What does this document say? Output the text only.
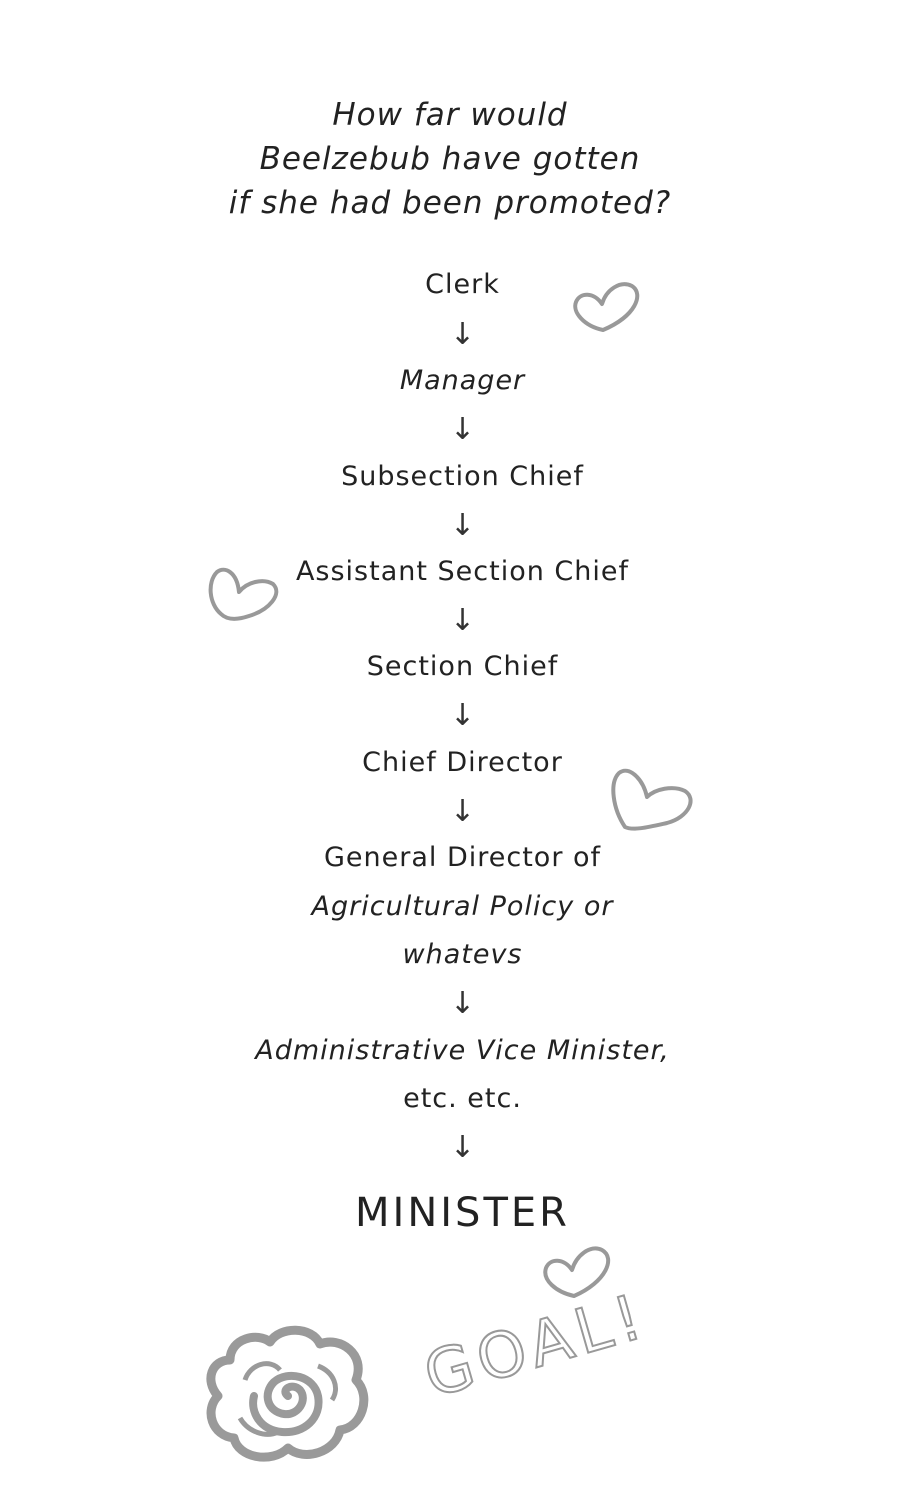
How far would
Beelzebub have gotten
if she had been promoted?
Clerk
↓
Manager
↓
Subsection Chief
↓
Assistant Section Chief
↓
Section Chief
↓
Chief Director
↓
General Director of
Agricultural Policy or
whatevs
↓
Administrative Vice Minister,
etc. etc.
↓
MINISTER
GOAL!
